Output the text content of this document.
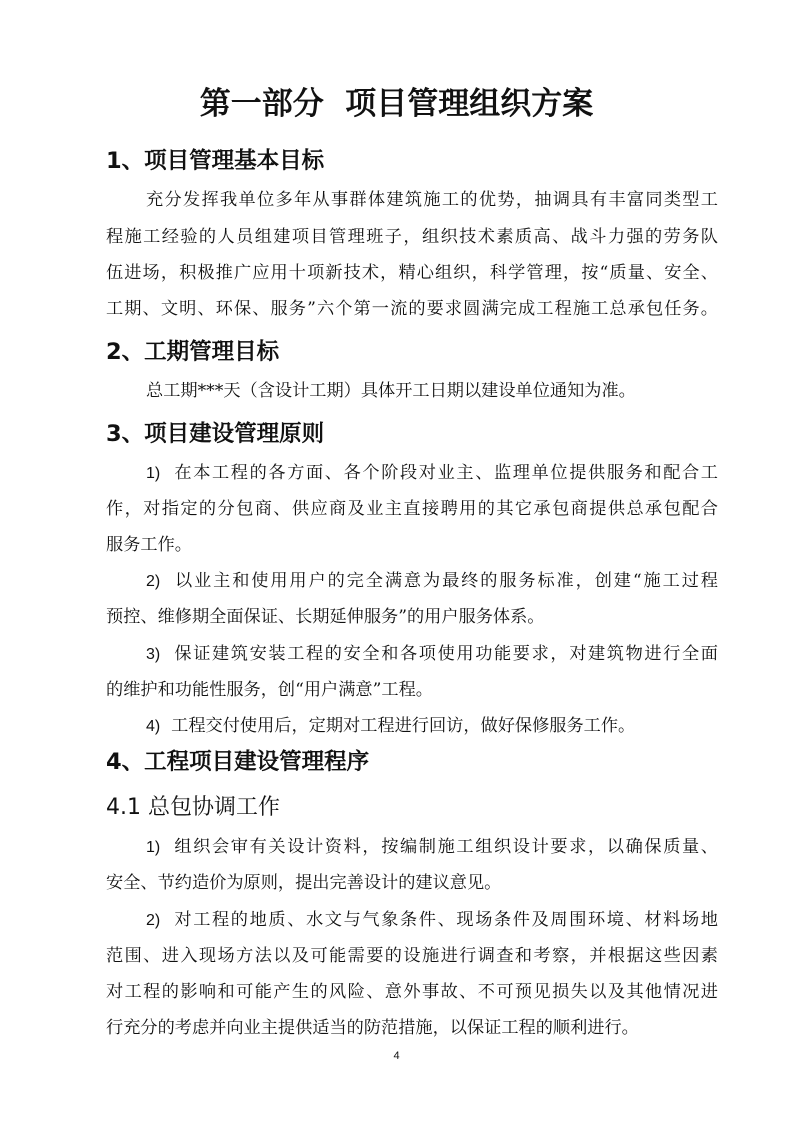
第一部分  项目管理组织方案
1、项目管理基本目标
充分发挥我单位多年从事群体建筑施工的优势，抽调具有丰富同类型工
程施工经验的人员组建项目管理班子，组织技术素质高、战斗力强的劳务队
伍进场，积极推广应用十项新技术，精心组织，科学管理，按“质量、安全、
工期、文明、环保、服务”六个第一流的要求圆满完成工程施工总承包任务。
2、工期管理目标
总工期***天（含设计工期）具体开工日期以建设单位通知为准。
3、项目建设管理原则
1) 在本工程的各方面、各个阶段对业主、监理单位提供服务和配合工
作，对指定的分包商、供应商及业主直接聘用的其它承包商提供总承包配合
服务工作。
2) 以业主和使用用户的完全满意为最终的服务标准，创建“施工过程
预控、维修期全面保证、长期延伸服务”的用户服务体系。
3) 保证建筑安装工程的安全和各项使用功能要求，对建筑物进行全面
的维护和功能性服务，创“用户满意”工程。
4) 工程交付使用后，定期对工程进行回访，做好保修服务工作。
4、工程项目建设管理程序
4.1 总包协调工作
1) 组织会审有关设计资料，按编制施工组织设计要求，以确保质量、
安全、节约造价为原则，提出完善设计的建议意见。
2) 对工程的地质、水文与气象条件、现场条件及周围环境、材料场地
范围、进入现场方法以及可能需要的设施进行调查和考察，并根据这些因素
对工程的影响和可能产生的风险、意外事故、不可预见损失以及其他情况进
行充分的考虑并向业主提供适当的防范措施，以保证工程的顺利进行。
4
